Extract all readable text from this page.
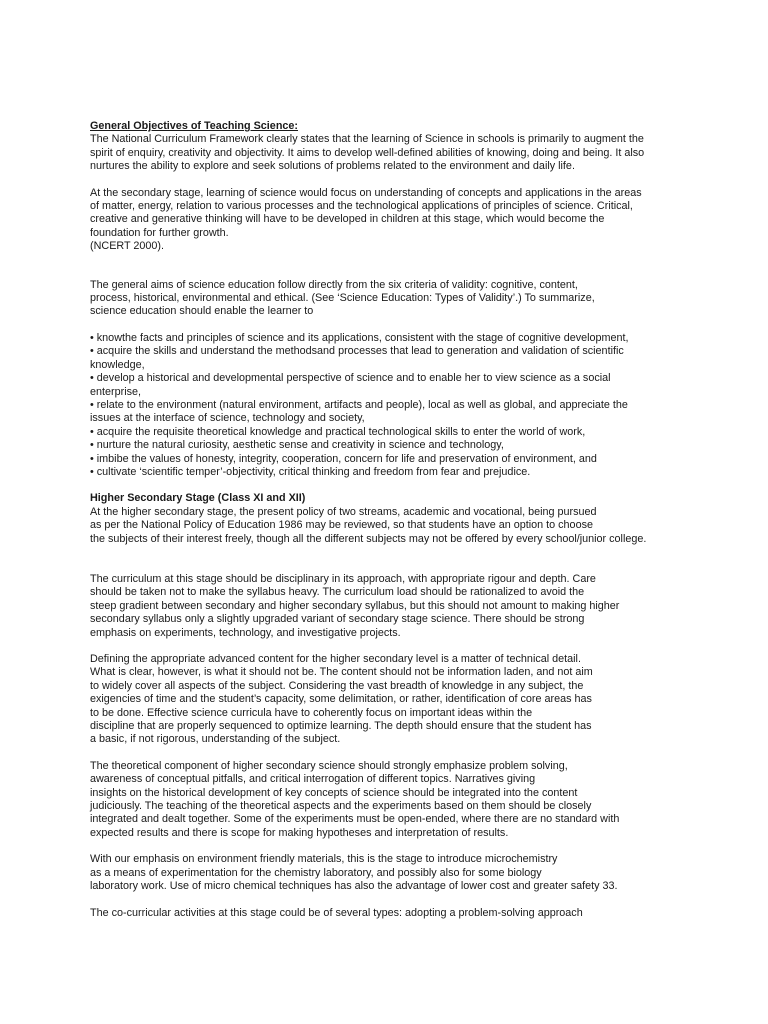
General Objectives of Teaching Science:

The National Curriculum Framework clearly states that the learning of Science in schools is primarily to augment the
spirit of enquiry, creativity and objectivity. It aims to develop well-defined abilities of knowing, doing and being. It also
nurtures the ability to explore and seek solutions of problems related to the environment and daily life.
At the secondary stage, learning of science would focus on understanding of concepts and applications in the areas
of matter, energy, relation to various processes and the technological applications of principles of science. Critical,
creative and generative thinking will have to be developed in children at this stage, which would become the
foundation for further growth.
(NCERT 2000).
The general aims of science education follow directly from the six criteria of validity: cognitive, content,
process, historical, environmental and ethical. (See ‘Science Education: Types of Validity’.) To summarize,
science education should enable the learner to
• knowthe facts and principles of science and its applications, consistent with the stage of cognitive development,
• acquire the skills and understand the methodsand processes that lead to generation and validation of scientific
knowledge,
• develop a historical and developmental perspective of science and to enable her to view science as a social
enterprise,
• relate to the environment (natural environment, artifacts and people), local as well as global, and appreciate the
issues at the interface of science, technology and society,
• acquire the requisite theoretical knowledge and practical technological skills to enter the world of work,
• nurture the natural curiosity, aesthetic sense and creativity in science and technology,
• imbibe the values of honesty, integrity, cooperation, concern for life and preservation of environment, and
• cultivate ‘scientific temper’-objectivity, critical thinking and freedom from fear and prejudice.

Higher Secondary Stage (Class XI and XII)

At the higher secondary stage, the present policy of two streams, academic and vocational, being pursued
as per the National Policy of Education 1986 may be reviewed, so that students have an option to choose
the subjects of their interest freely, though all the different subjects may not be offered by every school/junior college.
The curriculum at this stage should be disciplinary in its approach, with appropriate rigour and depth. Care
should be taken not to make the syllabus heavy. The curriculum load should be rationalized to avoid the
steep gradient between secondary and higher secondary syllabus, but this should not amount to making higher
secondary syllabus only a slightly upgraded variant of secondary stage science. There should be strong
emphasis on experiments, technology, and investigative projects.
Defining the appropriate advanced content for the higher secondary level is a matter of technical detail.
What is clear, however, is what it should not be. The content should not be information laden, and not aim
to widely cover all aspects of the subject. Considering the vast breadth of knowledge in any subject, the
exigencies of time and the student’s capacity, some delimitation, or rather, identification of core areas has
to be done. Effective science curricula have to coherently focus on important ideas within the
discipline that are properly sequenced to optimize learning. The depth should ensure that the student has
a basic, if not rigorous, understanding of the subject.
The theoretical component of higher secondary science should strongly emphasize problem solving,
awareness of conceptual pitfalls, and critical interrogation of different topics. Narratives giving
insights on the historical development of key concepts of science should be integrated into the content
judiciously. The teaching of the theoretical aspects and the experiments based on them should be closely
integrated and dealt together. Some of the experiments must be open-ended, where there are no standard with
expected results and there is scope for making hypotheses and interpretation of results.
With our emphasis on environment friendly materials, this is the stage to introduce microchemistry
as a means of experimentation for the chemistry laboratory, and possibly also for some biology
laboratory work. Use of micro chemical techniques has also the advantage of lower cost and greater safety 33.
The co-curricular activities at this stage could be of several types: adopting a problem-solving approach
